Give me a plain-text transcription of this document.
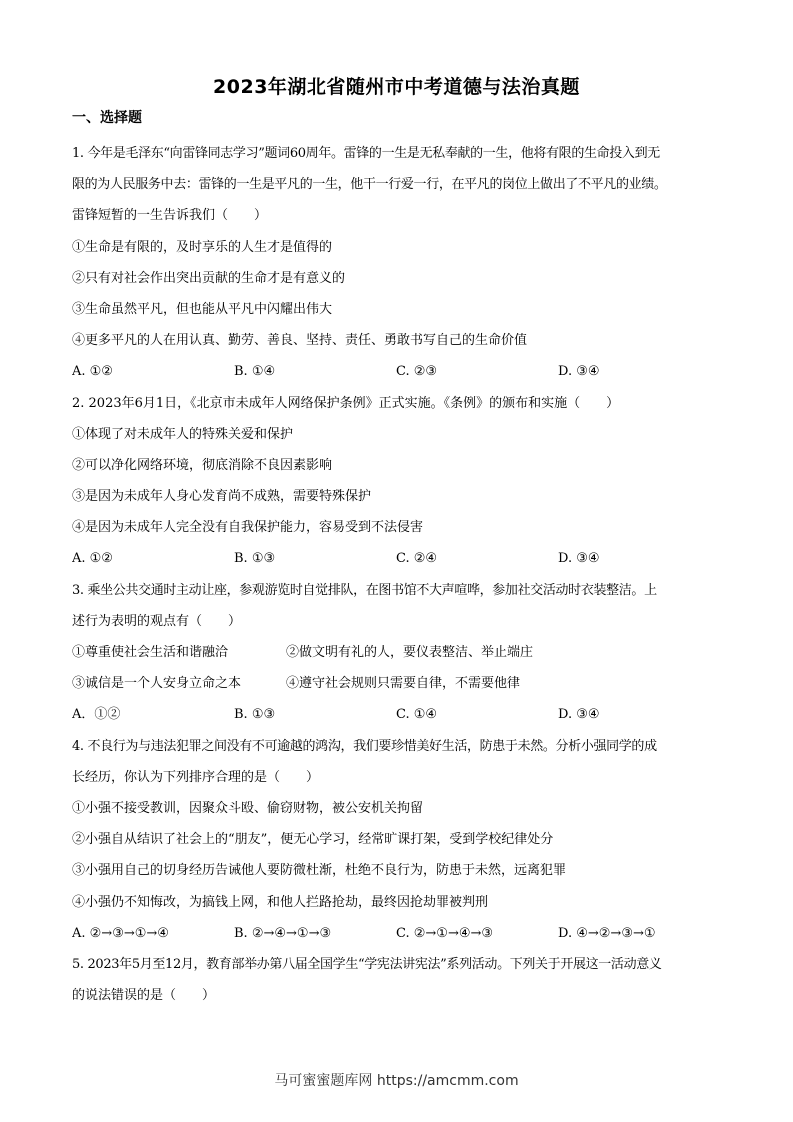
2023年湖北省随州市中考道德与法治真题
一、选择题
1. 今年是毛泽东“向雷锋同志学习”题词60周年。雷锋的一生是无私奉献的一生，他将有限的生命投入到无
限的为人民服务中去：雷锋的一生是平凡的一生，他干一行爱一行，在平凡的岗位上做出了不平凡的业绩。
雷锋短暂的一生告诉我们（　　）
①生命是有限的，及时享乐的人生才是值得的
②只有对社会作出突出贡献的生命才是有意义的
③生命虽然平凡，但也能从平凡中闪耀出伟大
④更多平凡的人在用认真、勤劳、善良、坚持、责任、勇敢书写自己的生命价值
A. ①②	B. ①④	C. ②③	D. ③④
2. 2023年6月1日，《北京市未成年人网络保护条例》正式实施。《条例》的颁布和实施（　　）
①体现了对未成年人的特殊关爱和保护
②可以净化网络环境，彻底消除不良因素影响
③是因为未成年人身心发育尚不成熟，需要特殊保护
④是因为未成年人完全没有自我保护能力，容易受到不法侵害
A. ①②	B. ①③	C. ②④	D. ③④
3. 乘坐公共交通时主动让座，参观游览时自觉排队，在图书馆不大声喧哗，参加社交活动时衣装整洁。上
述行为表明的观点有（　　）
①尊重使社会生活和谐融洽	②做文明有礼的人，要仪表整洁、举止端庄
③诚信是一个人安身立命之本	④遵守社会规则只需要自律，不需要他律
A．①②	B. ①③	C. ①④	D. ③④
4. 不良行为与违法犯罪之间没有不可逾越的鸿沟，我们要珍惜美好生活，防患于未然。分析小强同学的成
长经历，你认为下列排序合理的是（　　）
①小强不接受教训，因聚众斗殴、偷窃财物，被公安机关拘留
②小强自从结识了社会上的“朋友”，便无心学习，经常旷课打架，受到学校纪律处分
③小强用自己的切身经历告诫他人要防微杜渐，杜绝不良行为，防患于未然，远离犯罪
④小强仍不知悔改，为搞钱上网，和他人拦路抢劫，最终因抢劫罪被判刑
A. ②→③→①→④	B. ②→④→①→③	C. ②→①→④→③	D. ④→②→③→①
5. 2023年5月至12月，教育部举办第八届全国学生“学宪法讲宪法”系列活动。下列关于开展这一活动意义
的说法错误的是（　　）
马可蜜蜜题库网 https://amcmm.com
